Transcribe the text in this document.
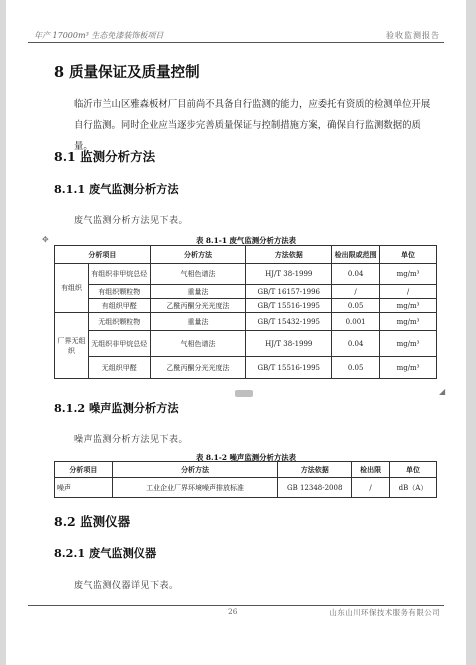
年产 17000m³ 生态免漆装饰板项目	验收监测报告
8 质量保证及质量控制
临沂市兰山区雅森板材厂目前尚不具备自行监测的能力，应委托有资质的检测单位开展自行监测。同时企业应当逐步完善质量保证与控制措施方案，确保自行监测数据的质量。
8.1 监测分析方法
8.1.1 废气监测分析方法
废气监测分析方法见下表。
表 8.1-1 废气监测分析方法表
✥
分析项目		分析方法	方法依据	检出限或范围	单位
有组织	有组织非甲烷总烃	气相色谱法	HJ/T 38-1999	0.04	mg/m³
	有组织颗粒物	重量法	GB/T 16157-1996	/	/
	有组织甲醛	乙酰丙酮分光光度法	GB/T 15516-1995	0.05	mg/m³
厂界无组织	无组织颗粒物	重量法	GB/T 15432-1995	0.001	mg/m³
	无组织非甲烷总烃	气相色谱法	HJ/T 38-1999	0.04	mg/m³
	无组织甲醛	乙酰丙酮分光光度法	GB/T 15516-1995	0.05	mg/m³
◢
8.1.2 噪声监测分析方法
噪声监测分析方法见下表。
表 8.1-2 噪声监测分析方法表
分析项目	分析方法	方法依据	检出限	单位
噪声	工业企业厂界环境噪声排放标准	GB 12348-2008	/	dB（A）
8.2 监测仪器
8.2.1 废气监测仪器
废气监测仪器详见下表。
26	山东山川环保技术服务有限公司
